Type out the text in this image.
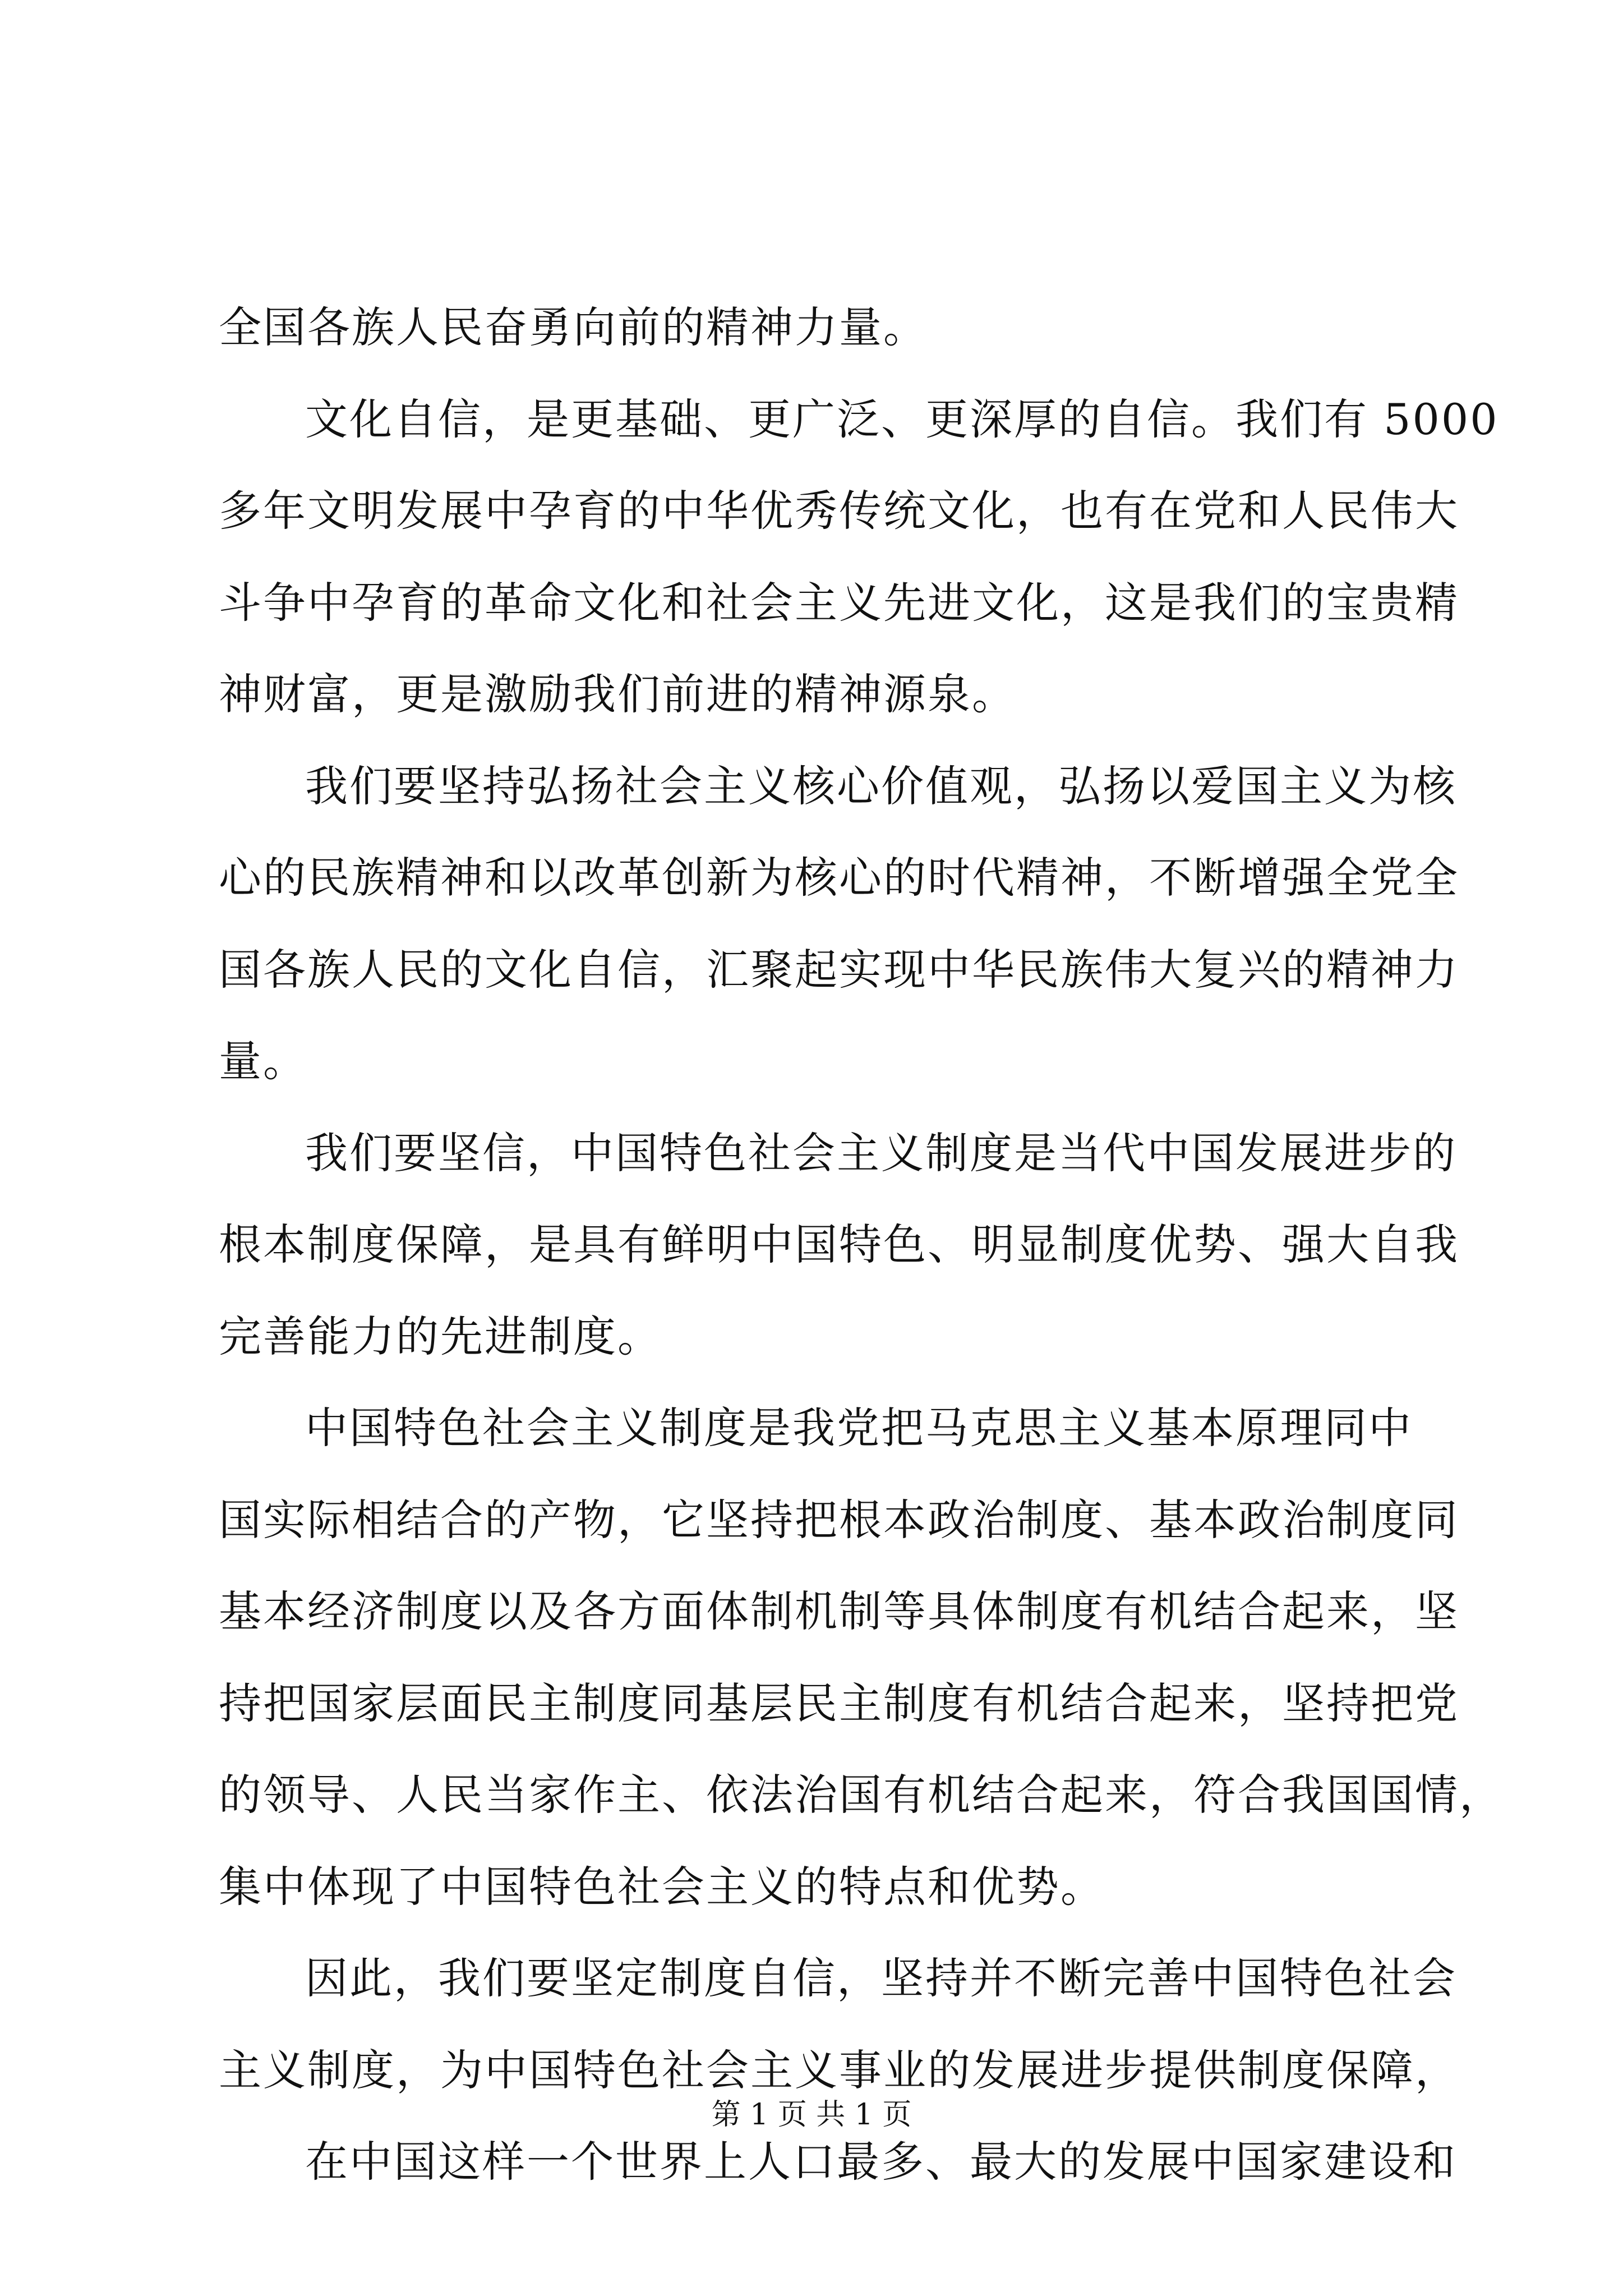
全国各族人民奋勇向前的精神力量。
文化自信，是更基础、更广泛、更深厚的自信。我们有 5000
多年文明发展中孕育的中华优秀传统文化，也有在党和人民伟大
斗争中孕育的革命文化和社会主义先进文化，这是我们的宝贵精
神财富，更是激励我们前进的精神源泉。
我们要坚持弘扬社会主义核心价值观，弘扬以爱国主义为核
心的民族精神和以改革创新为核心的时代精神，不断增强全党全
国各族人民的文化自信，汇聚起实现中华民族伟大复兴的精神力
量。
我们要坚信，中国特色社会主义制度是当代中国发展进步的
根本制度保障，是具有鲜明中国特色、明显制度优势、强大自我
完善能力的先进制度。
中国特色社会主义制度是我党把马克思主义基本原理同中
国实际相结合的产物，它坚持把根本政治制度、基本政治制度同
基本经济制度以及各方面体制机制等具体制度有机结合起来，坚
持把国家层面民主制度同基层民主制度有机结合起来，坚持把党
的领导、人民当家作主、依法治国有机结合起来，符合我国国情，
集中体现了中国特色社会主义的特点和优势。
因此，我们要坚定制度自信，坚持并不断完善中国特色社会
主义制度，为中国特色社会主义事业的发展进步提供制度保障，
在中国这样一个世界上人口最多、最大的发展中国家建设和
第 1 页 共 1 页
